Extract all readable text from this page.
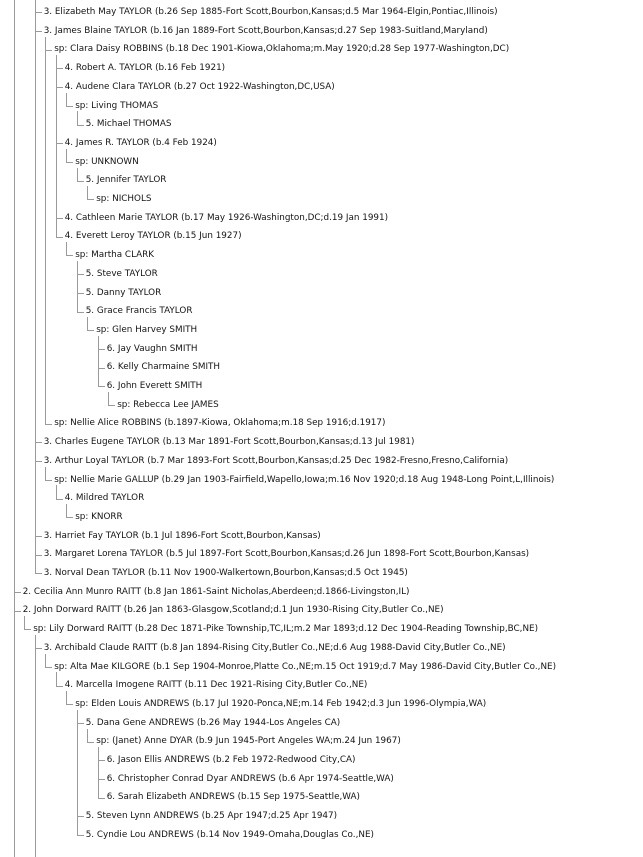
3. Elizabeth May TAYLOR (b.26 Sep 1885-Fort Scott,Bourbon,Kansas;d.5 Mar 1964-Elgin,Pontiac,Illinois)
3. James Blaine TAYLOR (b.16 Jan 1889-Fort Scott,Bourbon,Kansas;d.27 Sep 1983-Suitland,Maryland)
sp: Clara Daisy ROBBINS (b.18 Dec 1901-Kiowa,Oklahoma;m.May 1920;d.28 Sep 1977-Washington,DC)
4. Robert A. TAYLOR (b.16 Feb 1921)
4. Audene Clara TAYLOR (b.27 Oct 1922-Washington,DC,USA)
sp: Living THOMAS
5. Michael THOMAS
4. James R. TAYLOR (b.4 Feb 1924)
sp: UNKNOWN
5. Jennifer TAYLOR
sp: NICHOLS
4. Cathleen Marie TAYLOR (b.17 May 1926-Washington,DC;d.19 Jan 1991)
4. Everett Leroy TAYLOR (b.15 Jun 1927)
sp: Martha CLARK
5. Steve TAYLOR
5. Danny TAYLOR
5. Grace Francis TAYLOR
sp: Glen Harvey SMITH
6. Jay Vaughn SMITH
6. Kelly Charmaine SMITH
6. John Everett SMITH
sp: Rebecca Lee JAMES
sp: Nellie Alice ROBBINS (b.1897-Kiowa, Oklahoma;m.18 Sep 1916;d.1917)
3. Charles Eugene TAYLOR (b.13 Mar 1891-Fort Scott,Bourbon,Kansas;d.13 Jul 1981)
3. Arthur Loyal TAYLOR (b.7 Mar 1893-Fort Scott,Bourbon,Kansas;d.25 Dec 1982-Fresno,Fresno,California)
sp: Nellie Marie GALLUP (b.29 Jan 1903-Fairfield,Wapello,Iowa;m.16 Nov 1920;d.18 Aug 1948-Long Point,L,Illinois)
4. Mildred TAYLOR
sp: KNORR
3. Harriet Fay TAYLOR (b.1 Jul 1896-Fort Scott,Bourbon,Kansas)
3. Margaret Lorena TAYLOR (b.5 Jul 1897-Fort Scott,Bourbon,Kansas;d.26 Jun 1898-Fort Scott,Bourbon,Kansas)
3. Norval Dean TAYLOR (b.11 Nov 1900-Walkertown,Bourbon,Kansas;d.5 Oct 1945)
2. Cecilia Ann Munro RAITT (b.8 Jan 1861-Saint Nicholas,Aberdeen;d.1866-Livingston,IL)
2. John Dorward RAITT (b.26 Jan 1863-Glasgow,Scotland;d.1 Jun 1930-Rising City,Butler Co.,NE)
sp: Lily Dorward RAITT (b.28 Dec 1871-Pike Township,TC,IL;m.2 Mar 1893;d.12 Dec 1904-Reading Township,BC,NE)
3. Archibald Claude RAITT (b.8 Jan 1894-Rising City,Butler Co.,NE;d.6 Aug 1988-David City,Butler Co.,NE)
sp: Alta Mae KILGORE (b.1 Sep 1904-Monroe,Platte Co.,NE;m.15 Oct 1919;d.7 May 1986-David City,Butler Co.,NE)
4. Marcella Imogene RAITT (b.11 Dec 1921-Rising City,Butler Co.,NE)
sp: Elden Louis ANDREWS (b.17 Jul 1920-Ponca,NE;m.14 Feb 1942;d.3 Jun 1996-Olympia,WA)
5. Dana Gene ANDREWS (b.26 May 1944-Los Angeles CA)
sp: (Janet) Anne DYAR (b.9 Jun 1945-Port Angeles WA;m.24 Jun 1967)
6. Jason Ellis ANDREWS (b.2 Feb 1972-Redwood City,CA)
6. Christopher Conrad Dyar ANDREWS (b.6 Apr 1974-Seattle,WA)
6. Sarah Elizabeth ANDREWS (b.15 Sep 1975-Seattle,WA)
5. Steven Lynn ANDREWS (b.25 Apr 1947;d.25 Apr 1947)
5. Cyndie Lou ANDREWS (b.14 Nov 1949-Omaha,Douglas Co.,NE)
